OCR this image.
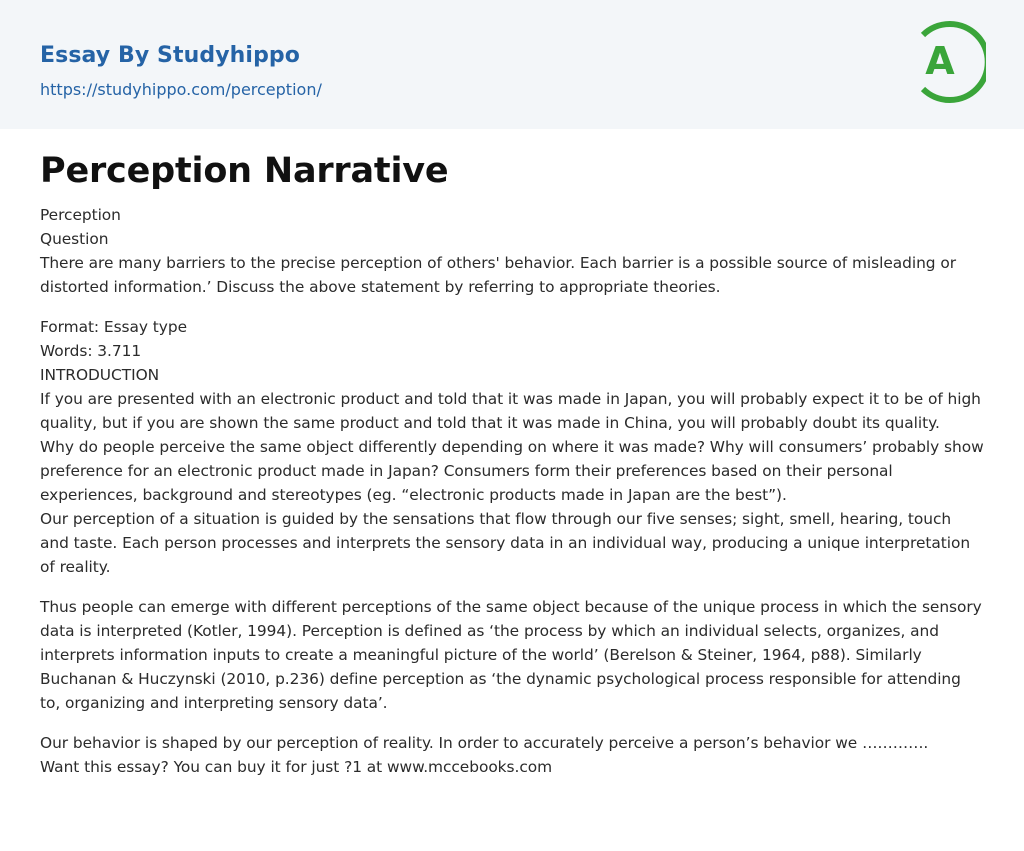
Essay By Studyhippo
https://studyhippo.com/perception/
A
Perception Narrative

Perception

Question

There are many barriers to the precise perception of others' behavior. Each barrier is a possible source of misleading or distorted information.’ Discuss the above statement by referring to appropriate theories.

Format: Essay type

Words: 3.711

INTRODUCTION

If you are presented with an electronic product and told that it was made in Japan, you will probably expect it to be of high quality, but if you are shown the same product and told that it was made in China, you will probably doubt its quality.

Why do people perceive the same object differently depending on where it was made? Why will consumers’ probably show preference for an electronic product made in Japan? Consumers form their preferences based on their personal experiences, background and stereotypes (eg. “electronic products made in Japan are the best”).

Our perception of a situation is guided by the sensations that flow through our five senses; sight, smell, hearing, touch and taste. Each person processes and interprets the sensory data in an individual way, producing a unique interpretation of reality.

Thus people can emerge with different perceptions of the same object because of the unique process in which the sensory data is interpreted (Kotler, 1994). Perception is defined as ‘the process by which an individual selects, organizes, and interprets information inputs to create a meaningful picture of the world’ (Berelson & Steiner, 1964, p88). Similarly Buchanan & Huczynski (2010, p.236) define perception as ‘the dynamic psychological process responsible for attending to, organizing and interpreting sensory data’.

Our behavior is shaped by our perception of reality. In order to accurately perceive a person’s behavior we ………….

Want this essay? You can buy it for just ?1 at www.mccebooks.com
